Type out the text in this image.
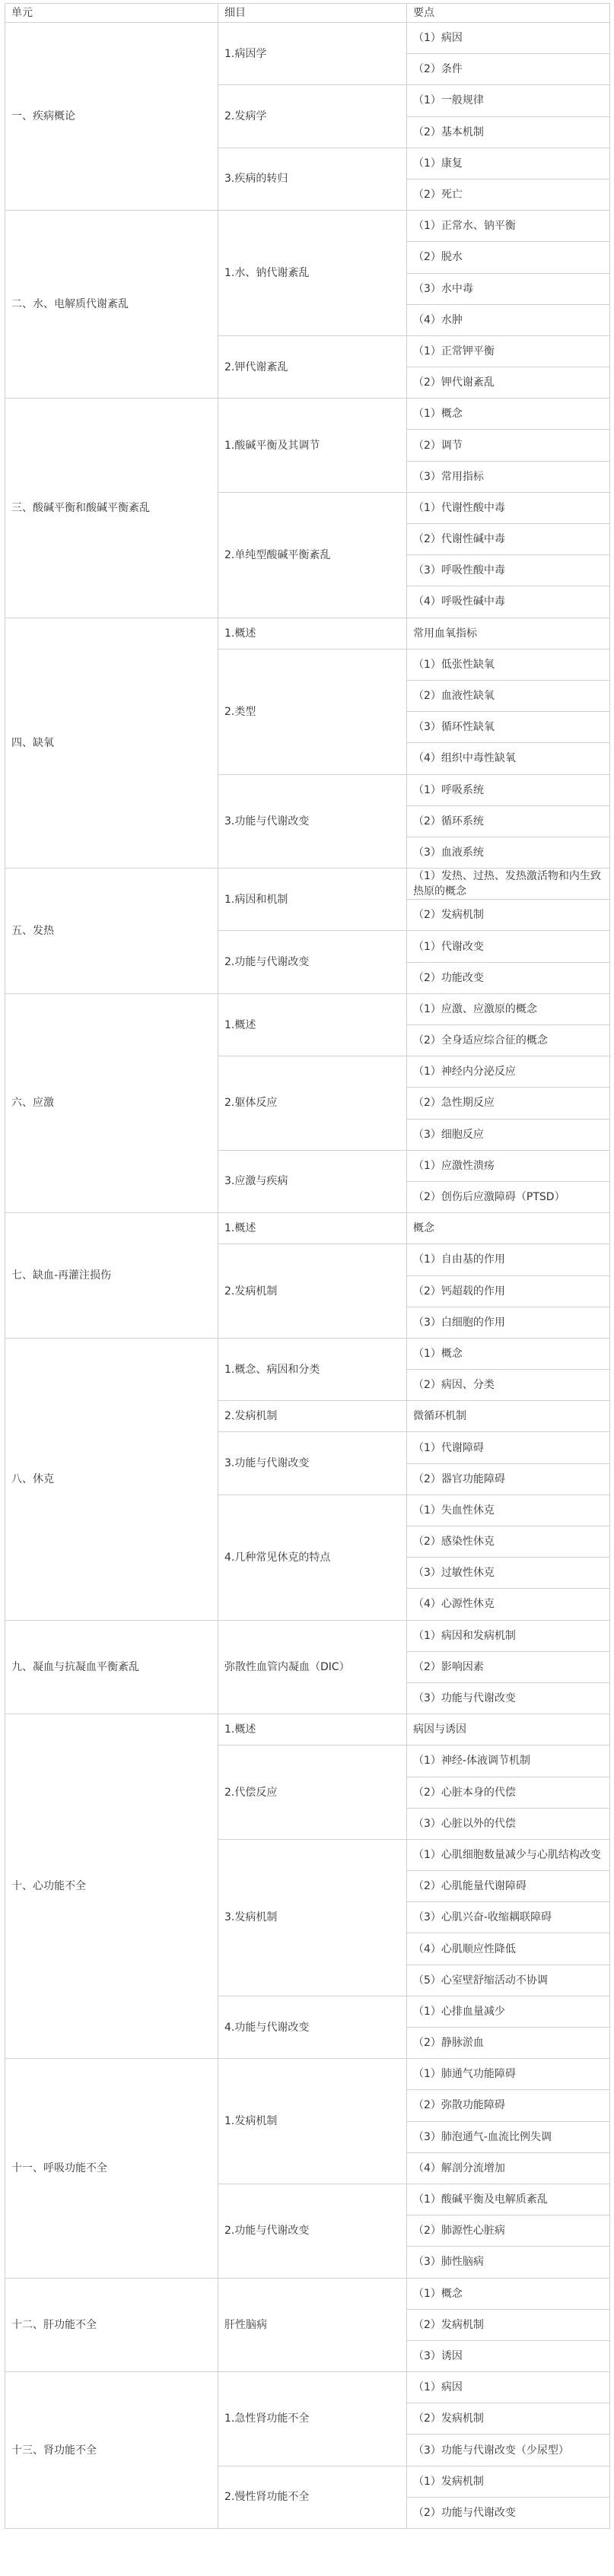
单元	细目	要点
一、疾病概论	1.病因学	（1）病因
		（2）条件
	2.发病学	（1）一般规律
		（2）基本机制
	3.疾病的转归	（1）康复
		（2）死亡
二、水、电解质代谢紊乱	1.水、钠代谢紊乱	（1）正常水、钠平衡
		（2）脱水
		（3）水中毒
		（4）水肿
	2.钾代谢紊乱	（1）正常钾平衡
		（2）钾代谢紊乱
三、酸碱平衡和酸碱平衡紊乱	1.酸碱平衡及其调节	（1）概念
		（2）调节
		（3）常用指标
	2.单纯型酸碱平衡紊乱	（1）代谢性酸中毒
		（2）代谢性碱中毒
		（3）呼吸性酸中毒
		（4）呼吸性碱中毒
四、缺氧	1.概述	常用血氧指标
	2.类型	（1）低张性缺氧
		（2）血液性缺氧
		（3）循环性缺氧
		（4）组织中毒性缺氧
	3.功能与代谢改变	（1）呼吸系统
		（2）循环系统
		（3）血液系统
五、发热	1.病因和机制	（1）发热、过热、发热激活物和内生致热原的概念
		（2）发病机制
	2.功能与代谢改变	（1）代谢改变
		（2）功能改变
六、应激	1.概述	（1）应激、应激原的概念
		（2）全身适应综合征的概念
	2.躯体反应	（1）神经内分泌反应
		（2）急性期反应
		（3）细胞反应
	3.应激与疾病	（1）应激性溃疡
		（2）创伤后应激障碍（PTSD）
七、缺血-再灌注损伤	1.概述	概念
	2.发病机制	（1）自由基的作用
		（2）钙超载的作用
		（3）白细胞的作用
八、休克	1.概念、病因和分类	（1）概念
		（2）病因、分类
	2.发病机制	微循环机制
	3.功能与代谢改变	（1）代谢障碍
		（2）器官功能障碍
	4.几种常见休克的特点	（1）失血性休克
		（2）感染性休克
		（3）过敏性休克
		（4）心源性休克
九、凝血与抗凝血平衡紊乱	弥散性血管内凝血（DIC）	（1）病因和发病机制
		（2）影响因素
		（3）功能与代谢改变
十、心功能不全	1.概述	病因与诱因
	2.代偿反应	（1）神经-体液调节机制
		（2）心脏本身的代偿
		（3）心脏以外的代偿
	3.发病机制	（1）心肌细胞数量减少与心肌结构改变
		（2）心肌能量代谢障碍
		（3）心肌兴奋-收缩耦联障碍
		（4）心肌顺应性降低
		（5）心室壁舒缩活动不协调
	4.功能与代谢改变	（1）心排血量减少
		（2）静脉淤血
十一、呼吸功能不全	1.发病机制	（1）肺通气功能障碍
		（2）弥散功能障碍
		（3）肺泡通气-血流比例失调
		（4）解剖分流增加
	2.功能与代谢改变	（1）酸碱平衡及电解质紊乱
		（2）肺源性心脏病
		（3）肺性脑病
十二、肝功能不全	肝性脑病	（1）概念
		（2）发病机制
		（3）诱因
十三、肾功能不全	1.急性肾功能不全	（1）病因
		（2）发病机制
		（3）功能与代谢改变（少尿型）
	2.慢性肾功能不全	（1）发病机制
		（2）功能与代谢改变
